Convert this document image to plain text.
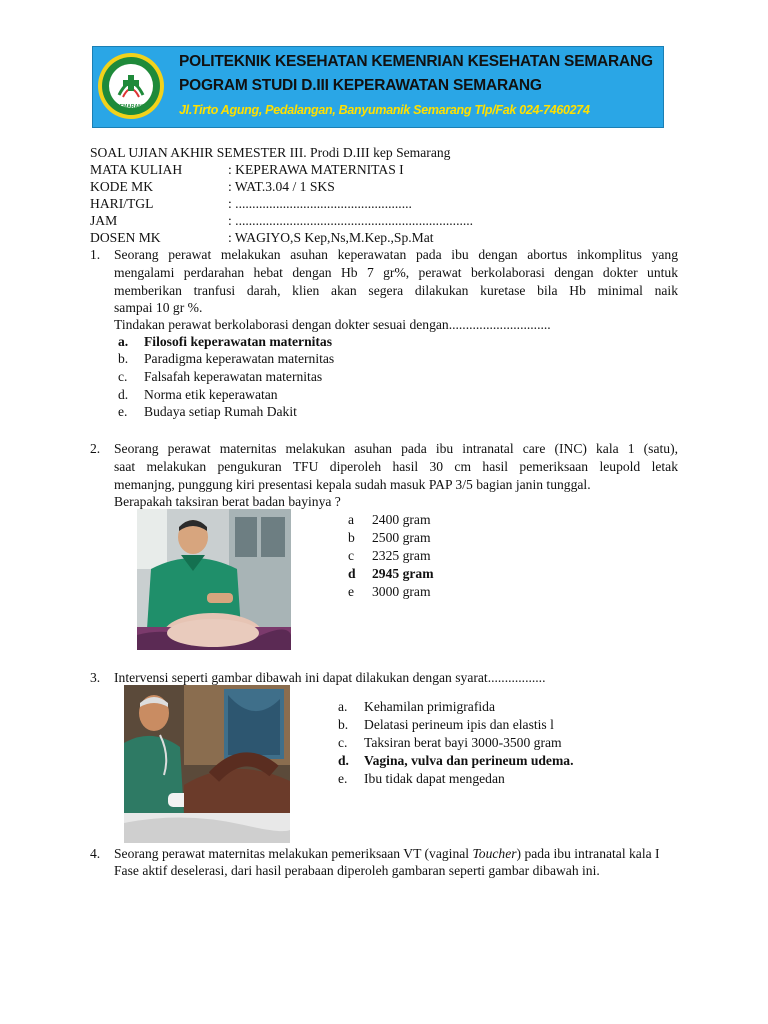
SEMARANG
POLITEKNIK KESEHATAN KEMENRIAN KESEHATAN SEMARANG
POGRAM STUDI D.III KEPERAWATAN SEMARANG
Jl.Tirto Agung, Pedalangan, Banyumanik Semarang Tlp/Fak 024-7460274
SOAL UJIAN AKHIR SEMESTER III. Prodi D.III kep Semarang
MATA KULIAH	: KEPERAWA MATERNITAS I
KODE MK	: WAT.3.04 / 1 SKS
HARI/TGL	: ....................................................
JAM	: ......................................................................
DOSEN MK	: WAGIYO,S Kep,Ns,M.Kep.,Sp.Mat
1. Seorang perawat melakukan asuhan keperawatan pada ibu dengan abortus inkomplitus yang
mengalami perdarahan hebat dengan Hb 7 gr%, perawat berkolaborasi dengan dokter untuk
memberikan tranfusi darah, klien akan segera dilakukan kuretase bila Hb minimal naik
sampai 10 gr %.
Tindakan perawat berkolaborasi dengan dokter sesuai dengan..............................
a. Filosofi keperawatan maternitas
b. Paradigma keperawatan maternitas
c. Falsafah keperawatan maternitas
d. Norma etik keperawatan
e. Budaya setiap Rumah Dakit
2. Seorang perawat maternitas melakukan asuhan pada ibu intranatal care (INC) kala 1 (satu),
saat melakukan pengukuran TFU diperoleh hasil 30 cm hasil pemeriksaan leupold letak
memanjng, punggung kiri presentasi kepala sudah masuk PAP 3/5 bagian janin tunggal.
Berapakah taksiran berat badan bayinya ?
a 2400 gram
b 2500 gram
c 2325 gram
d 2945 gram
e 3000 gram
3. Intervensi seperti gambar dibawah ini dapat dilakukan dengan syarat.................
a. Kehamilan primigrafida
b. Delatasi perineum ipis dan elastis l
c. Taksiran berat bayi 3000-3500 gram
d. Vagina, vulva dan perineum udema.
e. Ibu tidak dapat mengedan
4. Seorang perawat maternitas melakukan pemeriksaan VT (vaginal Toucher) pada ibu intranatal kala I
Fase aktif deselerasi, dari hasil perabaan diperoleh gambaran seperti gambar dibawah ini.
